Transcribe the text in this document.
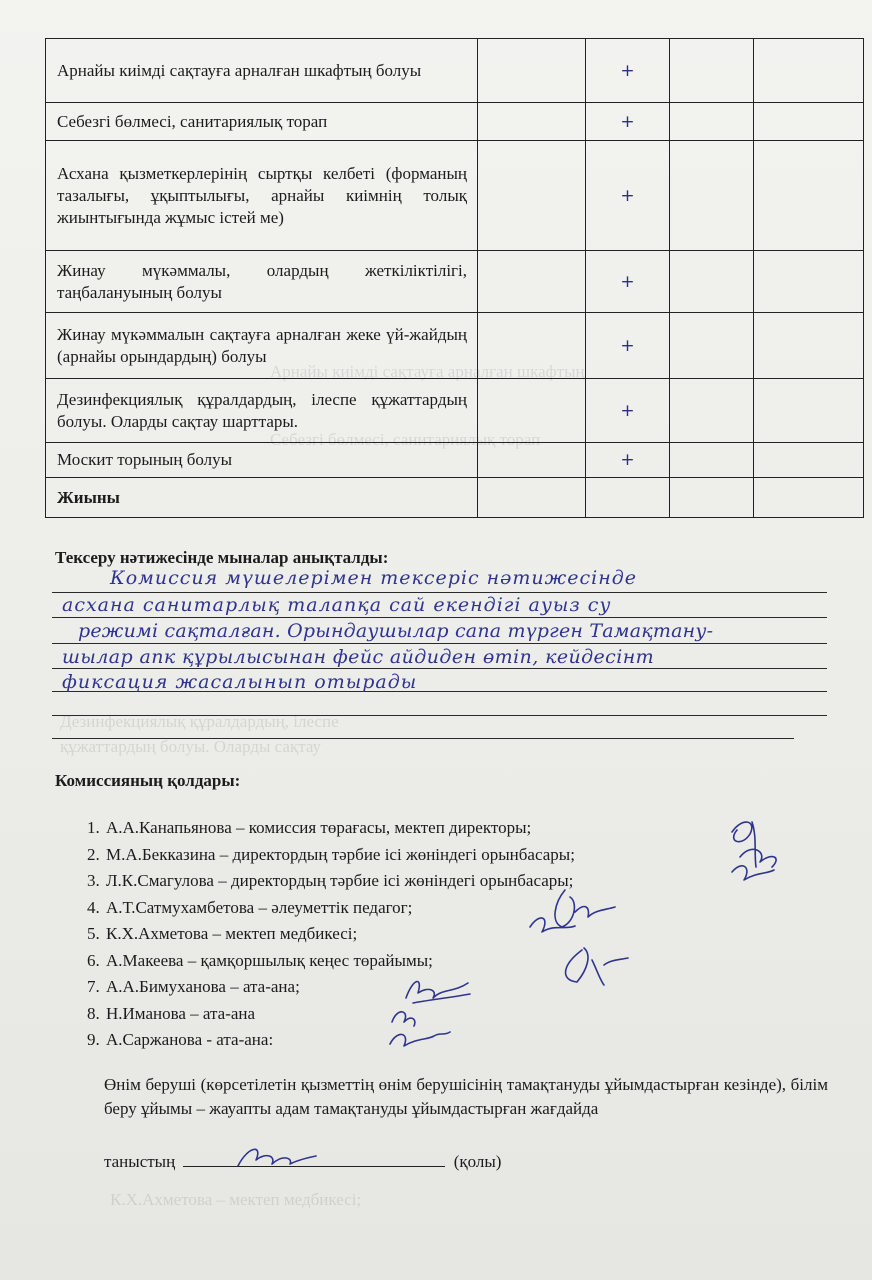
Арнайы киімді сақтауға арналған шкафтың
Себезгі бөлмесі, санитариялық торап
Дезинфекциялық құралдардың, ілеспе
құжаттардың болуы. Оларды сақтау
К.Х.Ахметова – мектеп медбикесі;
Арнайы киімді сақтауға арналған шкафтың болуы		+		
Себезгі бөлмесі, санитариялық торап		+		
Асхана қызметкерлерінің сыртқы келбеті (форманың тазалығы, ұқыптылығы, арнайы киімнің толық жиынтығында жұмыс істей ме)		+		
Жинау мүкәммалы, олардың жеткіліктілігі, таңбалануының болуы		+		
Жинау мүкәммалын сақтауға арналған жеке үй-жайдың (арнайы орындардың) болуы		+		
Дезинфекциялық құралдардың, ілеспе құжаттардың болуы. Оларды сақтау шарттары.		+		
Москит торының болуы		+		
Жиыны				
Тексеру нәтижесінде мыналар анықталды:
Комиссия мүшелерімен тексеріс нәтижесінде
асхана санитарлық талапқа сай екендігі ауыз су
режимі сақталған. Орындаушылар сапа түрген Тамақтану-
шылар апк құрылысынан фейс айдиден өтіп, кейдесінт
фиксация жасалынып отырады
Комиссияның қолдары:
1. А.А.Канапьянова – комиссия төрағасы, мектеп директоры;
2. М.А.Бекказина – директордың тәрбие ісі жөніндегі орынбасары;
3. Л.К.Смагулова – директордың тәрбие ісі жөніндегі орынбасары;
4. А.Т.Сатмухамбетова – әлеуметтік педагог;
5. К.Х.Ахметова – мектеп медбикесі;
6. А.Макеева – қамқоршылық кеңес төрайымы;
7. А.А.Бимуханова – ата-ана;
8. Н.Иманова – ата-ана
9. А.Саржанова - ата-ана:
Өнім беруші (көрсетілетін қызметтің өнім берушісінің тамақтануды ұйымдастырған кезінде), білім беру ұйымы – жауапты адам тамақтануды ұйымдастырған жағдайда
таныстың	(қолы)
